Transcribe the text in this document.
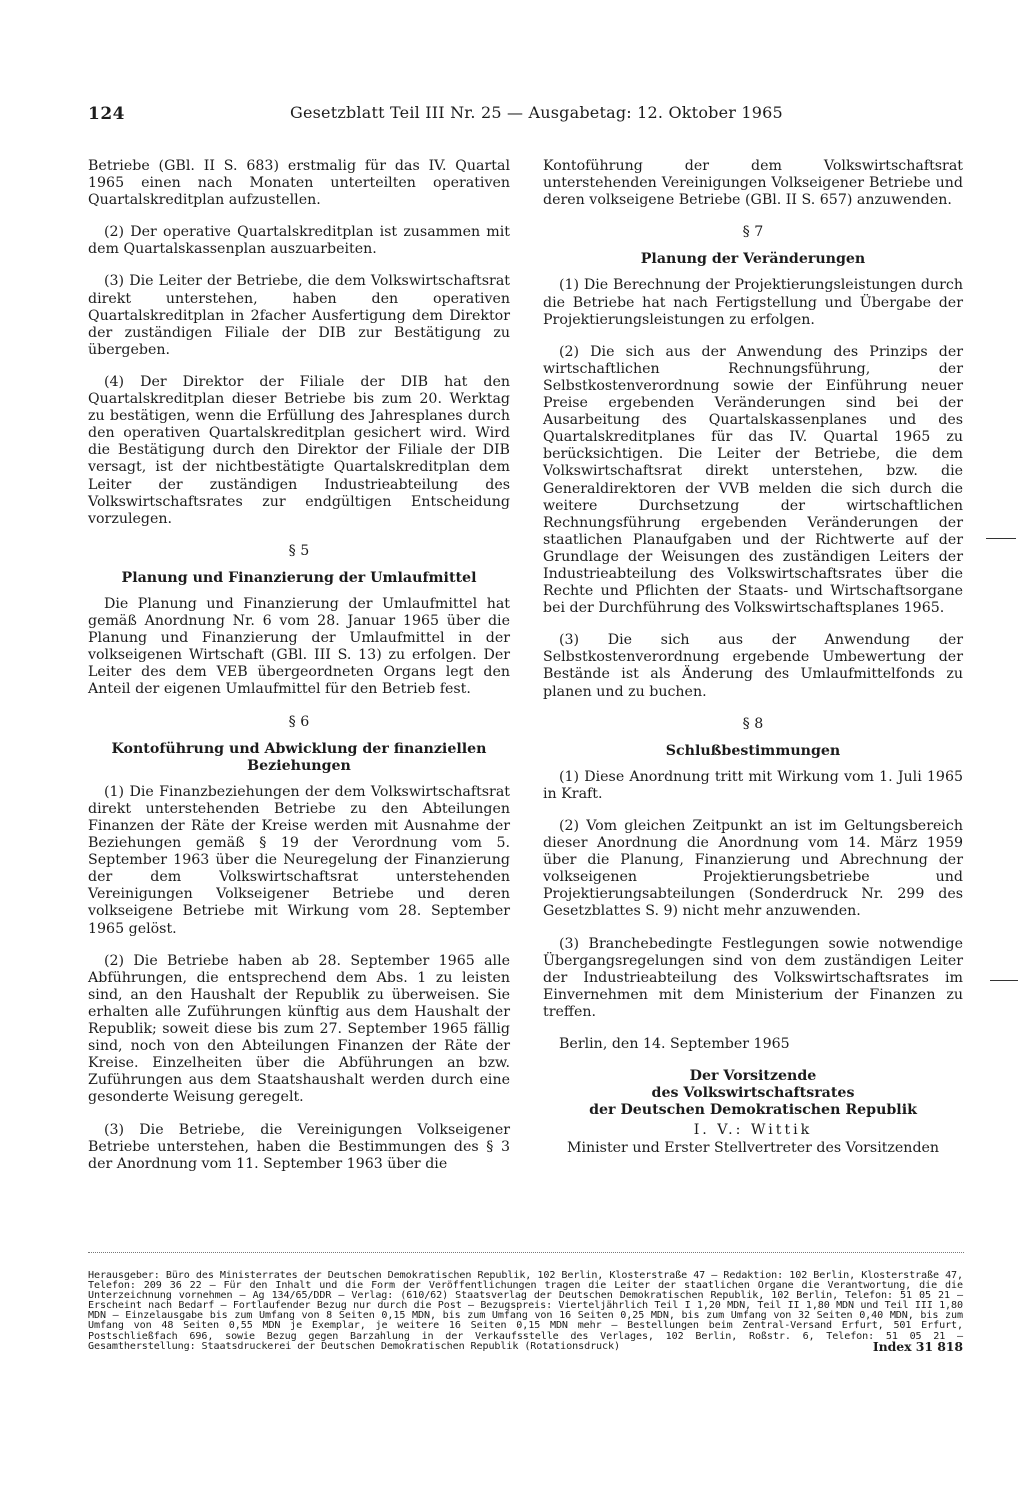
124	Gesetzblatt Teil III Nr. 25 — Ausgabetag: 12. Oktober 1965

Betriebe (GBl. II S. 683) erstmalig für das IV. Quartal 1965 einen nach Monaten unterteilten operativen Quartalskreditplan aufzustellen.

(2) Der operative Quartalskreditplan ist zusammen mit dem Quartalskassenplan auszuarbeiten.

(3) Die Leiter der Betriebe, die dem Volkswirtschaftsrat direkt unterstehen, haben den operativen Quartalskreditplan in 2facher Ausfertigung dem Direktor der zuständigen Filiale der DIB zur Bestätigung zu übergeben.

(4) Der Direktor der Filiale der DIB hat den Quartalskreditplan dieser Betriebe bis zum 20. Werktag zu bestätigen, wenn die Erfüllung des Jahresplanes durch den operativen Quartalskreditplan gesichert wird. Wird die Bestätigung durch den Direktor der Filiale der DIB versagt, ist der nichtbestätigte Quartalskreditplan dem Leiter der zuständigen Industrieabteilung des Volkswirtschaftsrates zur endgültigen Entscheidung vorzulegen.

§ 5

Planung und Finanzierung der Umlaufmittel

Die Planung und Finanzierung der Umlaufmittel hat gemäß Anordnung Nr. 6 vom 28. Januar 1965 über die Planung und Finanzierung der Umlaufmittel in der volkseigenen Wirtschaft (GBl. III S. 13) zu erfolgen. Der Leiter des dem VEB übergeordneten Organs legt den Anteil der eigenen Umlaufmittel für den Betrieb fest.

§ 6

Kontoführung und Abwicklung der finanziellen
Beziehungen

(1) Die Finanzbeziehungen der dem Volkswirtschaftsrat direkt unterstehenden Betriebe zu den Abteilungen Finanzen der Räte der Kreise werden mit Ausnahme der Beziehungen gemäß § 19 der Verordnung vom 5. September 1963 über die Neuregelung der Finanzierung der dem Volkswirtschaftsrat unterstehenden Vereinigungen Volkseigener Betriebe und deren volkseigene Betriebe mit Wirkung vom 28. September 1965 gelöst.

(2) Die Betriebe haben ab 28. September 1965 alle Abführungen, die entsprechend dem Abs. 1 zu leisten sind, an den Haushalt der Republik zu überweisen. Sie erhalten alle Zuführungen künftig aus dem Haushalt der Republik; soweit diese bis zum 27. September 1965 fällig sind, noch von den Abteilungen Finanzen der Räte der Kreise. Einzelheiten über die Abführungen an bzw. Zuführungen aus dem Staatshaushalt werden durch eine gesonderte Weisung geregelt.

(3) Die Betriebe, die Vereinigungen Volkseigener Betriebe unterstehen, haben die Bestimmungen des § 3 der Anordnung vom 11. September 1963 über die

Kontoführung der dem Volkswirtschaftsrat unterstehenden Vereinigungen Volkseigener Betriebe und deren volkseigene Betriebe (GBl. II S. 657) anzuwenden.

§ 7

Planung der Veränderungen

(1) Die Berechnung der Projektierungsleistungen durch die Betriebe hat nach Fertigstellung und Übergabe der Projektierungsleistungen zu erfolgen.

(2) Die sich aus der Anwendung des Prinzips der wirtschaftlichen Rechnungsführung, der Selbstkostenverordnung sowie der Einführung neuer Preise ergebenden Veränderungen sind bei der Ausarbeitung des Quartalskassenplanes und des Quartalskreditplanes für das IV. Quartal 1965 zu berücksichtigen. Die Leiter der Betriebe, die dem Volkswirtschaftsrat direkt unterstehen, bzw. die Generaldirektoren der VVB melden die sich durch die weitere Durchsetzung der wirtschaftlichen Rechnungsführung ergebenden Veränderungen der staatlichen Planaufgaben und der Richtwerte auf der Grundlage der Weisungen des zuständigen Leiters der Industrieabteilung des Volkswirtschaftsrates über die Rechte und Pflichten der Staats- und Wirtschaftsorgane bei der Durchführung des Volkswirtschaftsplanes 1965.

(3) Die sich aus der Anwendung der Selbstkostenverordnung ergebende Umbewertung der Bestände ist als Änderung des Umlaufmittelfonds zu planen und zu buchen.

§ 8

Schlußbestimmungen

(1) Diese Anordnung tritt mit Wirkung vom 1. Juli 1965 in Kraft.

(2) Vom gleichen Zeitpunkt an ist im Geltungsbereich dieser Anordnung die Anordnung vom 14. März 1959 über die Planung, Finanzierung und Abrechnung der volkseigenen Projektierungsbetriebe und Projektierungsabteilungen (Sonderdruck Nr. 299 des Gesetzblattes S. 9) nicht mehr anzuwenden.

(3) Branchebedingte Festlegungen sowie notwendige Übergangsregelungen sind von dem zuständigen Leiter der Industrieabteilung des Volkswirtschaftsrates im Einvernehmen mit dem Ministerium der Finanzen zu treffen.

Berlin, den 14. September 1965

Der Vorsitzende

des Volkswirtschaftsrates

der Deutschen Demokratischen Republik

I. V.: Wittik

Minister und Erster Stellvertreter des Vorsitzenden

Herausgeber: Büro des Ministerrates der Deutschen Demokratischen Republik, 102 Berlin, Klosterstraße 47 — Redaktion: 102 Berlin, Klosterstraße 47, Telefon: 209 36 22 — Für den Inhalt und die Form der Veröffentlichungen tragen die Leiter der staatlichen Organe die Verantwortung, die die Unterzeichnung vornehmen — Ag 134/65/DDR — Verlag: (610/62) Staatsverlag der Deutschen Demokratischen Republik, 102 Berlin, Telefon: 51 05 21 — Erscheint nach Bedarf — Fortlaufender Bezug nur durch die Post — Bezugspreis: Vierteljährlich Teil I 1,20 MDN, Teil II 1,80 MDN und Teil III 1,80 MDN — Einzelausgabe bis zum Umfang von 8 Seiten 0,15 MDN, bis zum Umfang von 16 Seiten 0,25 MDN, bis zum Umfang von 32 Seiten 0,40 MDN, bis zum Umfang von 48 Seiten 0,55 MDN je Exemplar, je weitere 16 Seiten 0,15 MDN mehr — Bestellungen beim Zentral-Versand Erfurt, 501 Erfurt, Postschließfach 696, sowie Bezug gegen Barzahlung in der Verkaufsstelle des Verlages, 102 Berlin, Roßstr. 6, Telefon: 51 05 21 — Gesamtherstellung: Staatsdruckerei der Deutschen Demokratischen Republik (Rotationsdruck)	Index 31 818
